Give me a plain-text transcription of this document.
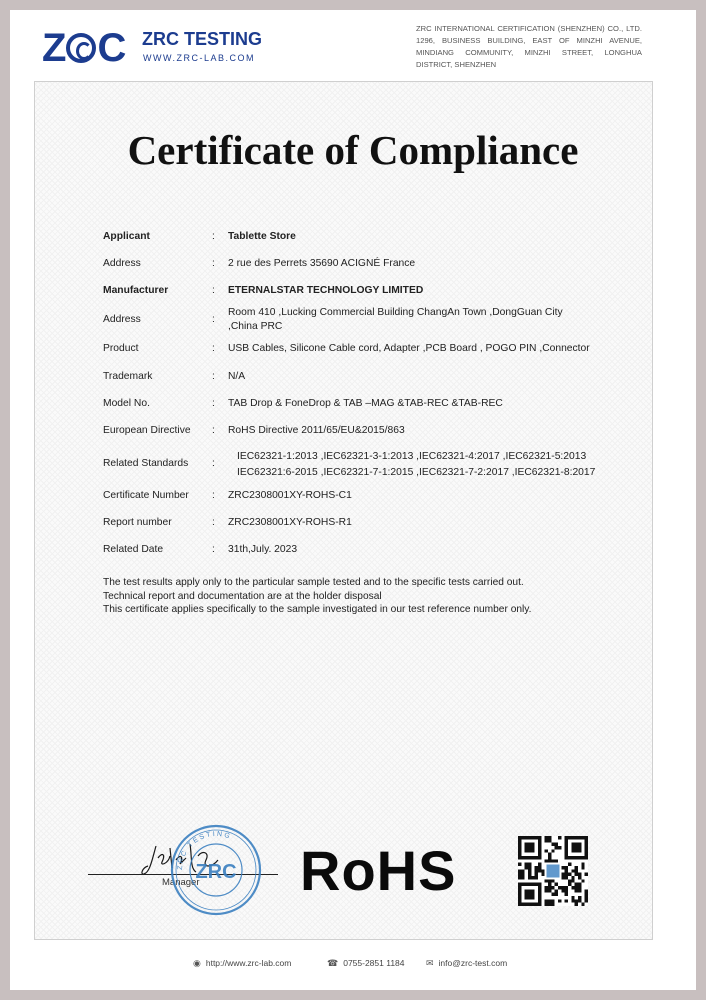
Z C ZRC TESTING
WWW.ZRC-LAB.COM
ZRC INTERNATIONAL CERTIFICATION (SHENZHEN) CO., LTD. 1296, BUSINESS BUILDING, EAST OF MINZHI AVENUE, MINDIANG COMMUNITY, MINZHI STREET, LONGHUA DISTRICT, SHENZHEN
Certificate of Compliance
Applicant	: Tablette Store
Address	: 2 rue des Perrets 35690 ACIGNÉ France
Manufacturer	: ETERNALSTAR TECHNOLOGY LIMITED
Address	:
Room 410 ,Lucking Commercial Building ChangAn Town ,DongGuan City ,China PRC
Product	: USB Cables, Silicone Cable cord, Adapter ,PCB Board , POGO PIN ,Connector
Trademark	: N/A
Model No.	: TAB Drop & FoneDrop & TAB –MAG &TAB-REC &TAB-REC
European Directive : RoHS Directive 2011/65/EU&2015/863
Related Standards :
IEC62321-1:2013 ,IEC62321-3-1:2013 ,IEC62321-4:2017 ,IEC62321-5:2013 IEC62321:6-2015 ,IEC62321-7-1:2015 ,IEC62321-7-2:2017 ,IEC62321-8:2017
Certificate Number : ZRC2308001XY-ROHS-C1
Report number	: ZRC2308001XY-ROHS-R1
Related Date	: 31th,July. 2023
The test results apply only to the particular sample tested and to the specific tests carried out.
Technical report and documentation are at the holder disposal
This certificate applies specifically to the sample investigated in our test reference number only.
Manager
ZRC TESTING
ZRC RoHS
◉ http://www.zrc-lab.com	☎ 0755-2851 1184 ✉ info@zrc-test.com
